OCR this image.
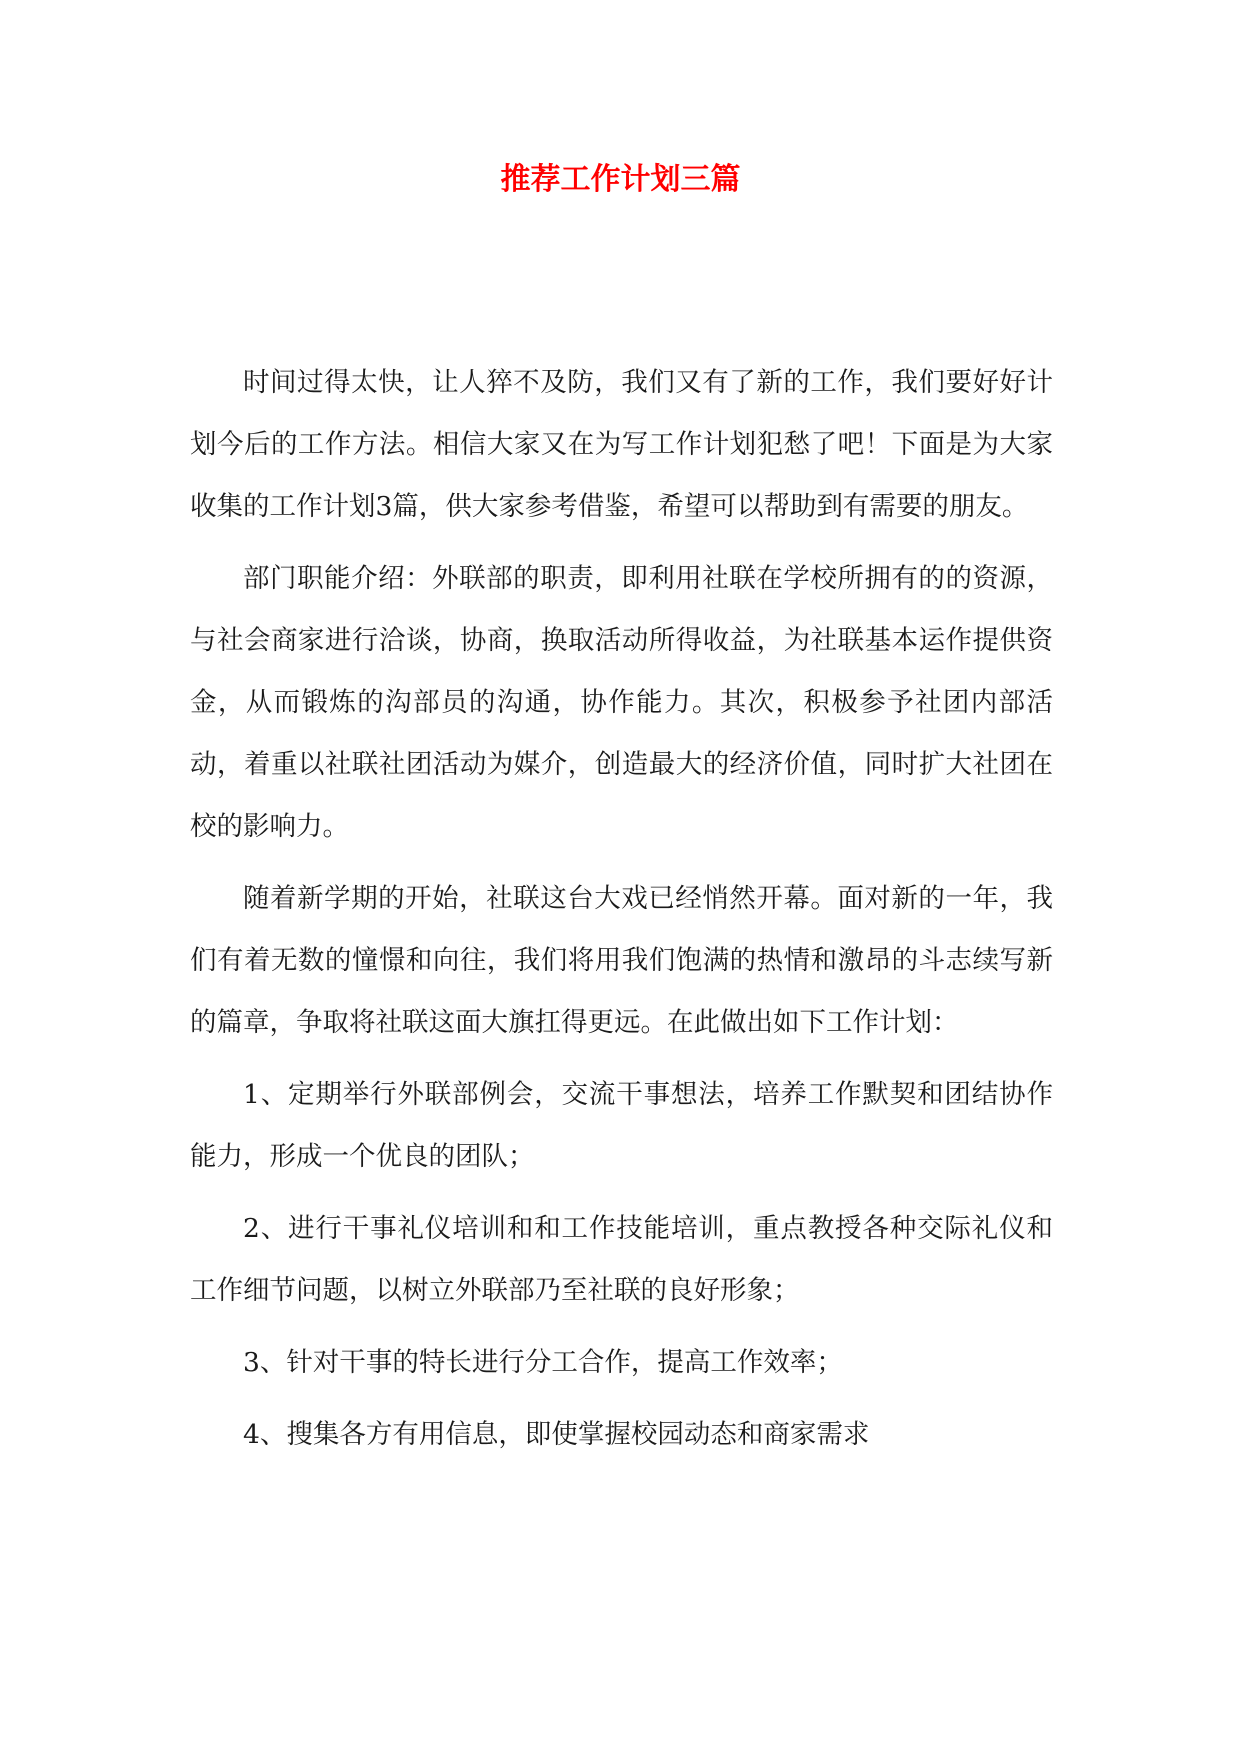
推荐工作计划三篇

时间过得太快，让人猝不及防，我们又有了新的工作，我们要好好计划今后的工作方法。相信大家又在为写工作计划犯愁了吧！下面是为大家收集的工作计划3篇，供大家参考借鉴，希望可以帮助到有需要的朋友。

部门职能介绍：外联部的职责，即利用社联在学校所拥有的的资源，与社会商家进行洽谈，协商，换取活动所得收益，为社联基本运作提供资金，从而锻炼的沟部员的沟通，协作能力。其次，积极参予社团内部活动，着重以社联社团活动为媒介，创造最大的经济价值，同时扩大社团在校的影响力。

随着新学期的开始，社联这台大戏已经悄然开幕。面对新的一年，我们有着无数的憧憬和向往，我们将用我们饱满的热情和激昂的斗志续写新的篇章，争取将社联这面大旗扛得更远。在此做出如下工作计划：

1、定期举行外联部例会，交流干事想法，培养工作默契和团结协作能力，形成一个优良的团队；

2、进行干事礼仪培训和和工作技能培训，重点教授各种交际礼仪和工作细节问题，以树立外联部乃至社联的良好形象；

3、针对干事的特长进行分工合作，提高工作效率；

4、搜集各方有用信息，即使掌握校园动态和商家需求
